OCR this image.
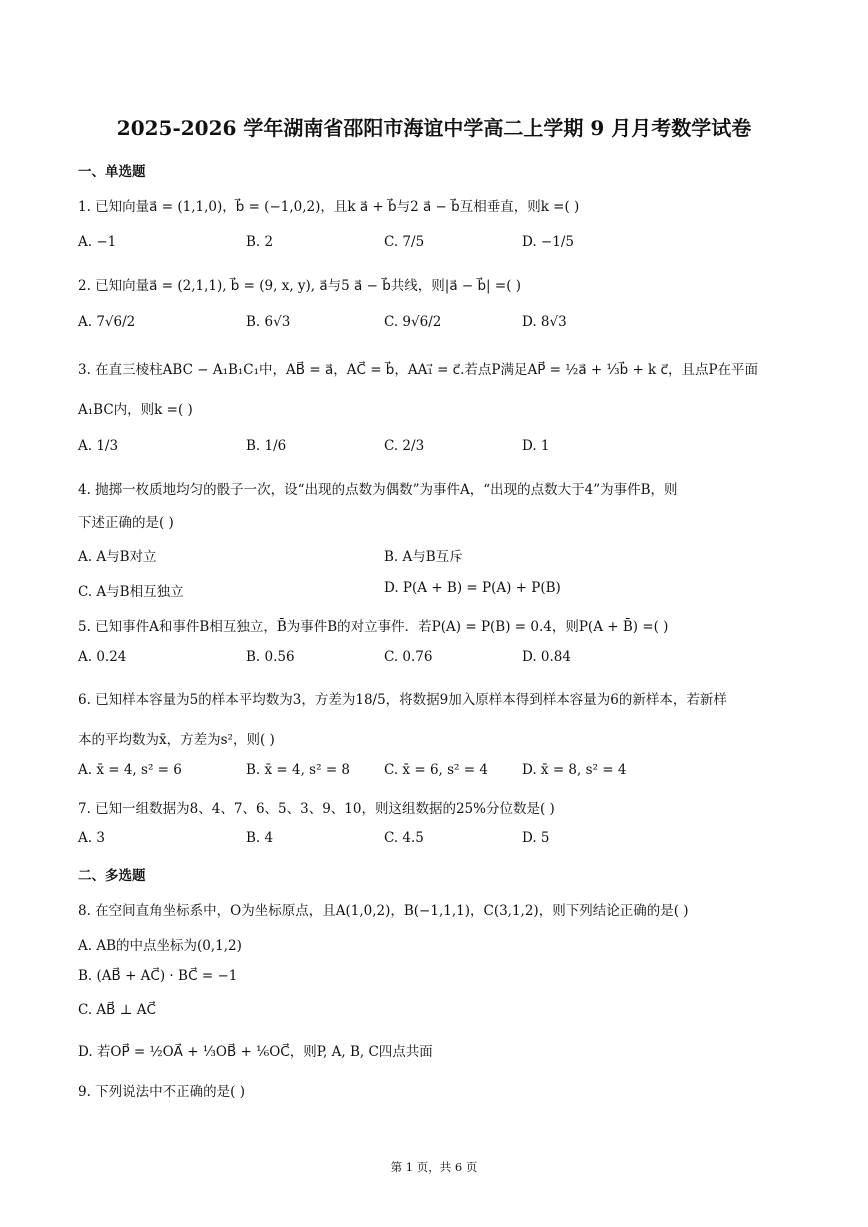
2025-2026 学年湖南省邵阳市海谊中学高二上学期 9 月月考数学试卷
一、单选题
1. 已知向量a⃗ = (1,1,0)，b⃗ = (−1,0,2)，且k a⃗ + b⃗与2 a⃗ − b⃗互相垂直，则k =( )
A. −1	B. 2	C. 7/5	D. −1/5
2. 已知向量a⃗ = (2,1,1), b⃗ = (9, x, y), a⃗与5 a⃗ − b⃗共线，则|a⃗ − b⃗| =( )
A. 7√6/2	B. 6√3	C. 9√6/2	D. 8√3
3. 在直三棱柱ABC − A₁B₁C₁中，AB⃗ = a⃗，AC⃗ = b⃗，AA₁⃗ = c⃗.若点P满足AP⃗ = ½a⃗ + ⅓b⃗ + k c⃗，且点P在平面
A₁BC内，则k =( )
A. 1/3	B. 1/6	C. 2/3	D. 1
4. 抛掷一枚质地均匀的骰子一次，设“出现的点数为偶数”为事件A，“出现的点数大于4”为事件B，则
下述正确的是( )
A. A与B对立	B. A与B互斥
C. A与B相互独立	D. P(A + B) = P(A) + P(B)
5. 已知事件A和事件B相互独立，B̄为事件B的对立事件．若P(A) = P(B) = 0.4，则P(A + B̄) =( )
A. 0.24	B. 0.56	C. 0.76	D. 0.84
6. 已知样本容量为5的样本平均数为3，方差为18/5，将数据9加入原样本得到样本容量为6的新样本，若新样
本的平均数为x̄，方差为s²，则( )
A. x̄ = 4, s² = 6	B. x̄ = 4, s² = 8	C. x̄ = 6, s² = 4	D. x̄ = 8, s² = 4
7. 已知一组数据为8、4、7、6、5、3、9、10，则这组数据的25%分位数是( )
A. 3	B. 4	C. 4.5	D. 5
二、多选题
8. 在空间直角坐标系中，O为坐标原点，且A(1,0,2)，B(−1,1,1)，C(3,1,2)，则下列结论正确的是( )
A. AB的中点坐标为(0,1,2)
B. (AB⃗ + AC⃗) · BC⃗ = −1
C. AB⃗ ⊥ AC⃗
D. 若OP⃗ = ½OA⃗ + ⅓OB⃗ + ⅙OC⃗，则P, A, B, C四点共面
9. 下列说法中不正确的是( )
第 1 页，共 6 页
